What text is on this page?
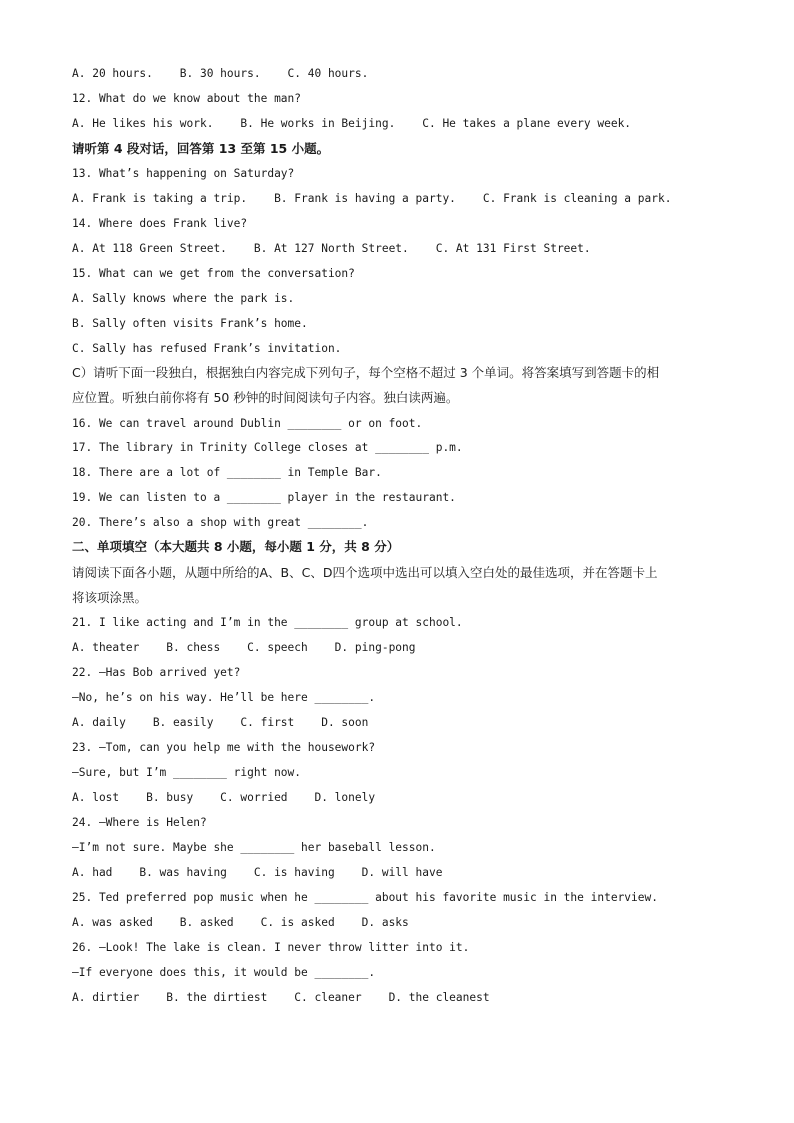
A. 20 hours.    B. 30 hours.    C. 40 hours.
12. What do we know about the man?
A. He likes his work.    B. He works in Beijing.    C. He takes a plane every week.
请听第 4 段对话，回答第 13 至第 15 小题。
13. What’s happening on Saturday?
A. Frank is taking a trip.    B. Frank is having a party.    C. Frank is cleaning a park.
14. Where does Frank live?
A. At 118 Green Street.    B. At 127 North Street.    C. At 131 First Street.
15. What can we get from the conversation?
A. Sally knows where the park is.
B. Sally often visits Frank’s home.
C. Sally has refused Frank’s invitation.
C）请听下面一段独白，根据独白内容完成下列句子，每个空格不超过 3 个单词。将答案填写到答题卡的相
应位置。听独白前你将有 50 秒钟的时间阅读句子内容。独白读两遍。
16. We can travel around Dublin ________ or on foot.
17. The library in Trinity College closes at ________ p.m.
18. There are a lot of ________ in Temple Bar.
19. We can listen to a ________ player in the restaurant.
20. There’s also a shop with great ________.
二、单项填空（本大题共 8 小题，每小题 1 分，共 8 分）
请阅读下面各小题，从题中所给的A、B、C、D四个选项中选出可以填入空白处的最佳选项，并在答题卡上
将该项涂黑。
21. I like acting and I’m in the ________ group at school.
A. theater    B. chess    C. speech    D. ping-pong
22. —Has Bob arrived yet?
—No, he’s on his way. He’ll be here ________.
A. daily    B. easily    C. first    D. soon
23. —Tom, can you help me with the housework?
—Sure, but I’m ________ right now.
A. lost    B. busy    C. worried    D. lonely
24. —Where is Helen?
—I’m not sure. Maybe she ________ her baseball lesson.
A. had    B. was having    C. is having    D. will have
25. Ted preferred pop music when he ________ about his favorite music in the interview.
A. was asked    B. asked    C. is asked    D. asks
26. —Look! The lake is clean. I never throw litter into it.
—If everyone does this, it would be ________.
A. dirtier    B. the dirtiest    C. cleaner    D. the cleanest
